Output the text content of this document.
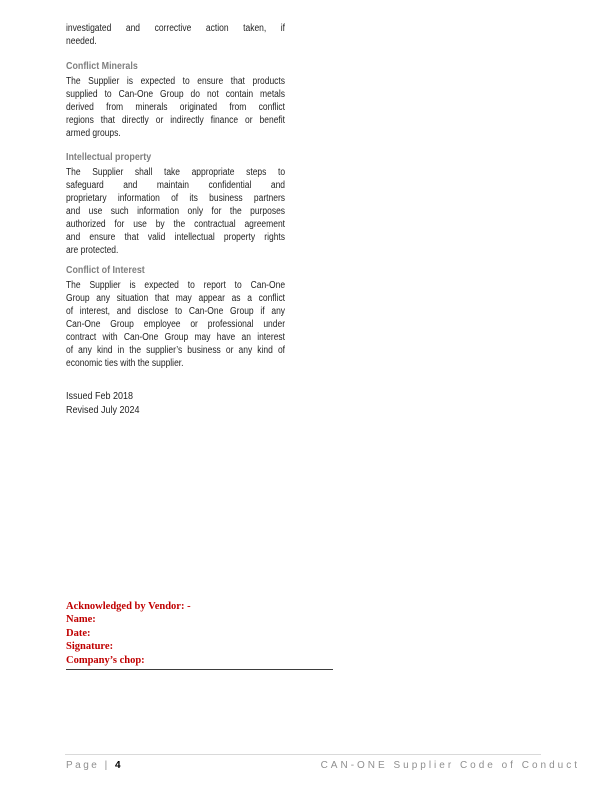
investigated and corrective action taken, if
needed.
Conflict Minerals
The Supplier is expected to ensure that products
supplied to Can-One Group do not contain metals
derived from minerals originated from conflict
regions that directly or indirectly finance or benefit
armed groups.
Intellectual property
The Supplier shall take appropriate steps to
safeguard and maintain confidential and
proprietary information of its business partners
and use such information only for the purposes
authorized for use by the contractual agreement
and ensure that valid intellectual property rights
are protected.
Conflict of Interest
The Supplier is expected to report to Can-One
Group any situation that may appear as a conflict
of interest, and disclose to Can-One Group if any
Can-One Group employee or professional under
contract with Can-One Group may have an interest
of any kind in the supplier’s business or any kind of
economic ties with the supplier.
Issued Feb 2018
Revised July 2024
Acknowledged by Vendor: -
Name:
Date:
Signature:
Company’s chop:
Page | 4	CAN-ONE Supplier Code of Conduct
